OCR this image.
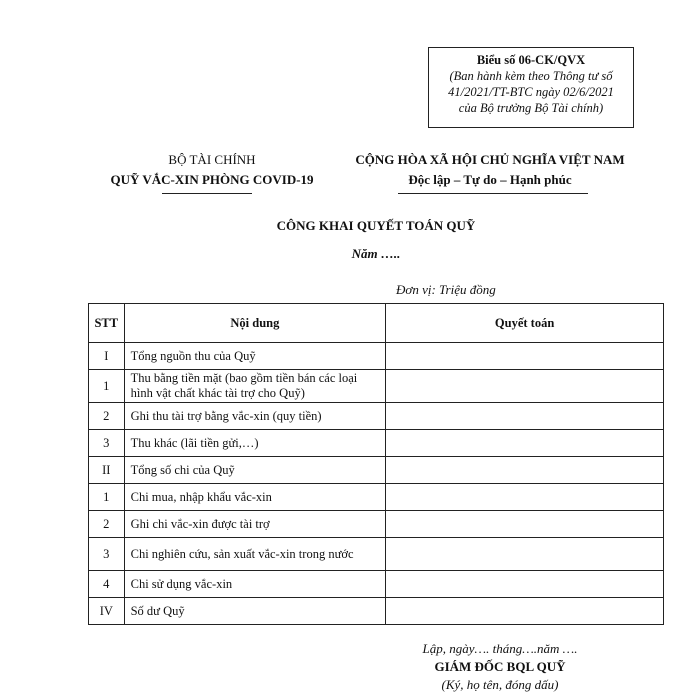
Biểu số 06-CK/QVX
(Ban hành kèm theo Thông tư số
41/2021/TT-BTC ngày 02/6/2021
của Bộ trưởng Bộ Tài chính)
BỘ TÀI CHÍNH
QUỸ VẮC-XIN PHÒNG COVID-19
CỘNG HÒA XÃ HỘI CHỦ NGHĨA VIỆT NAM
Độc lập – Tự do – Hạnh phúc
CÔNG KHAI QUYẾT TOÁN QUỸ
Năm …..
Đơn vị: Triệu đồng
STT	Nội dung	Quyết toán
I	Tổng nguồn thu của Quỹ	
1	Thu bằng tiền mặt (bao gồm tiền bán các loại hình vật chất khác tài trợ cho Quỹ)	
2	Ghi thu tài trợ bằng vắc-xin (quy tiền)	
3	Thu khác (lãi tiền gửi,…)	
II	Tổng số chi của Quỹ	
1	Chi mua, nhập khẩu vắc-xin	
2	Ghi chi vắc-xin được tài trợ	
3	Chi nghiên cứu, sản xuất vắc-xin trong nước	
4	Chi sử dụng vắc-xin	
IV	Số dư Quỹ	
Lập, ngày…. tháng….năm ….
GIÁM ĐỐC BQL QUỸ
(Ký, họ tên, đóng dấu)
